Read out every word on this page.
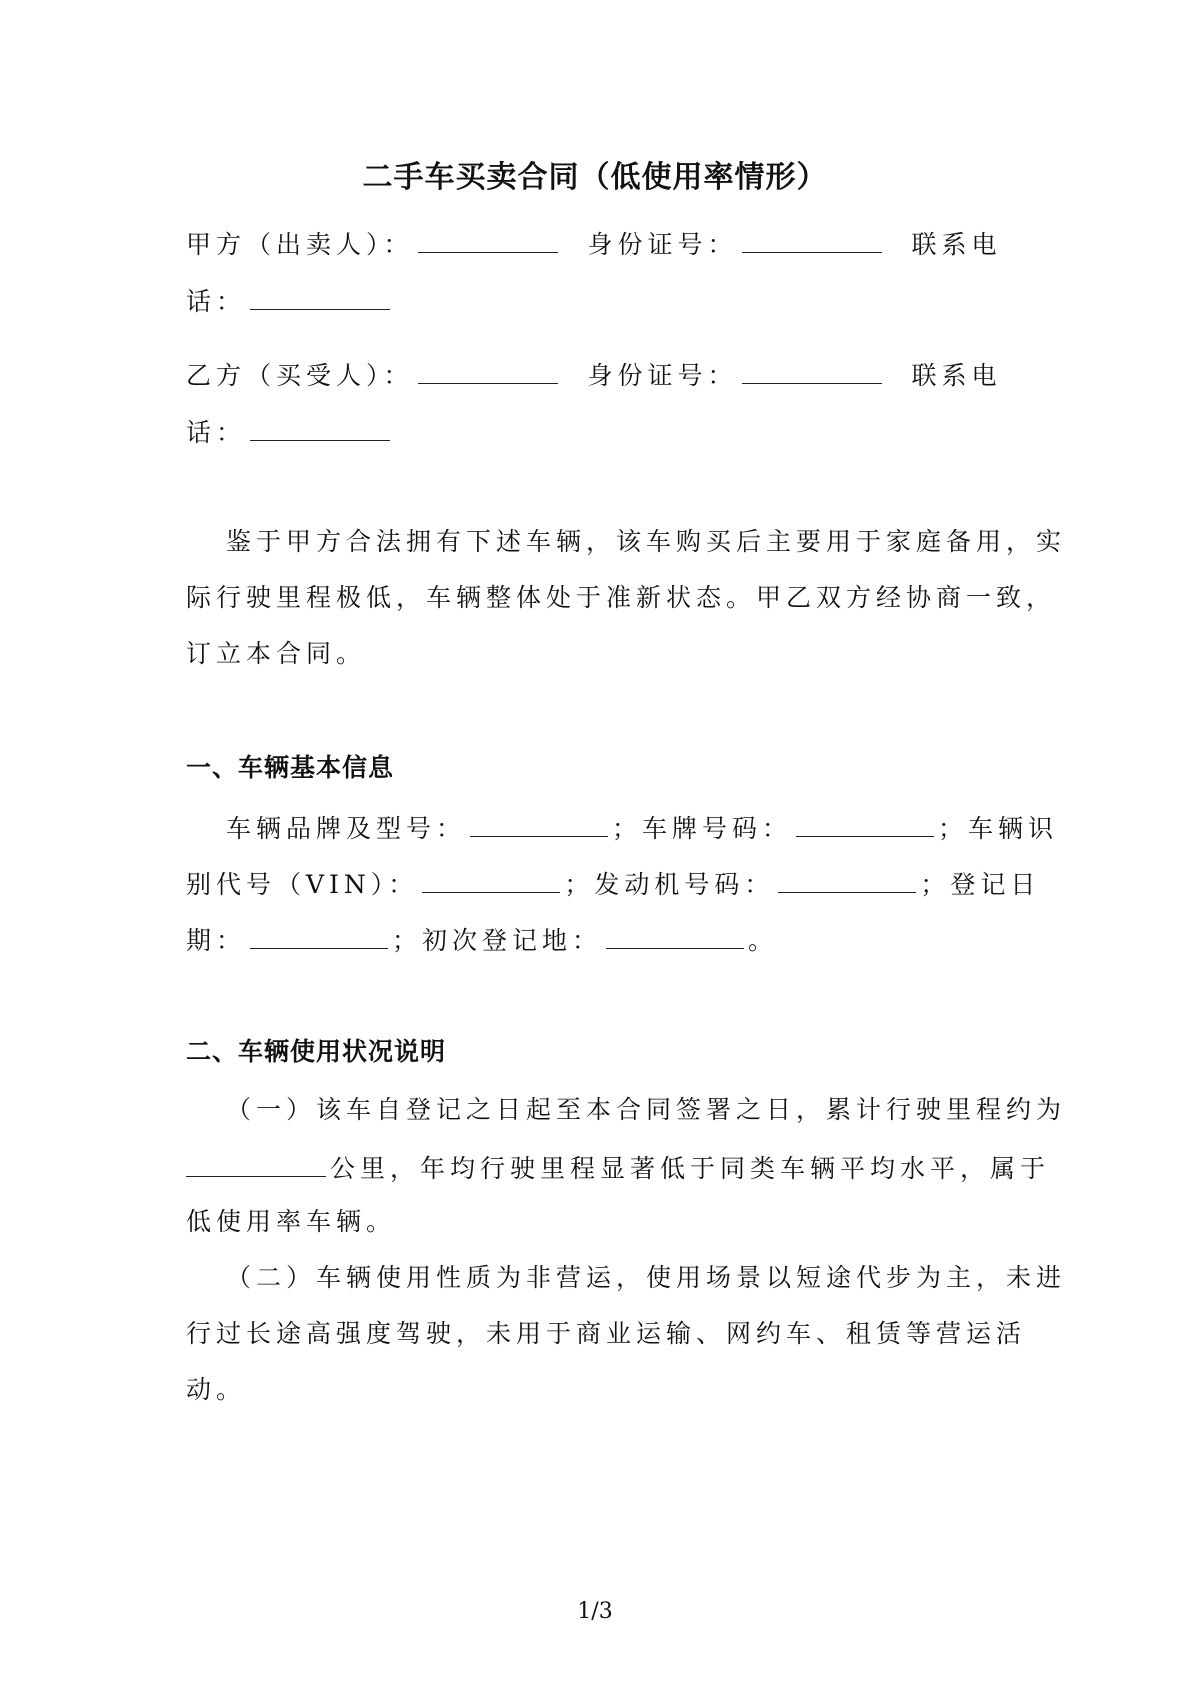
二手车买卖合同（低使用率情形）
甲方（出卖人）：	身份证号：	联系电
话：
乙方（买受人）：	身份证号：	联系电
话：
鉴于甲方合法拥有下述车辆，该车购买后主要用于家庭备用，实
际行驶里程极低，车辆整体处于准新状态。甲乙双方经协商一致，
订立本合同。
一、车辆基本信息
车辆品牌及型号：	；车牌号码：	；车辆识
别代号（VIN）：	；发动机号码：	；登记日
期：	；初次登记地：	。
二、车辆使用状况说明
（一）该车自登记之日起至本合同签署之日，累计行驶里程约为
公里，年均行驶里程显著低于同类车辆平均水平，属于
低使用率车辆。
（二）车辆使用性质为非营运，使用场景以短途代步为主，未进
行过长途高强度驾驶，未用于商业运输、网约车、租赁等营运活
动。
1/3
